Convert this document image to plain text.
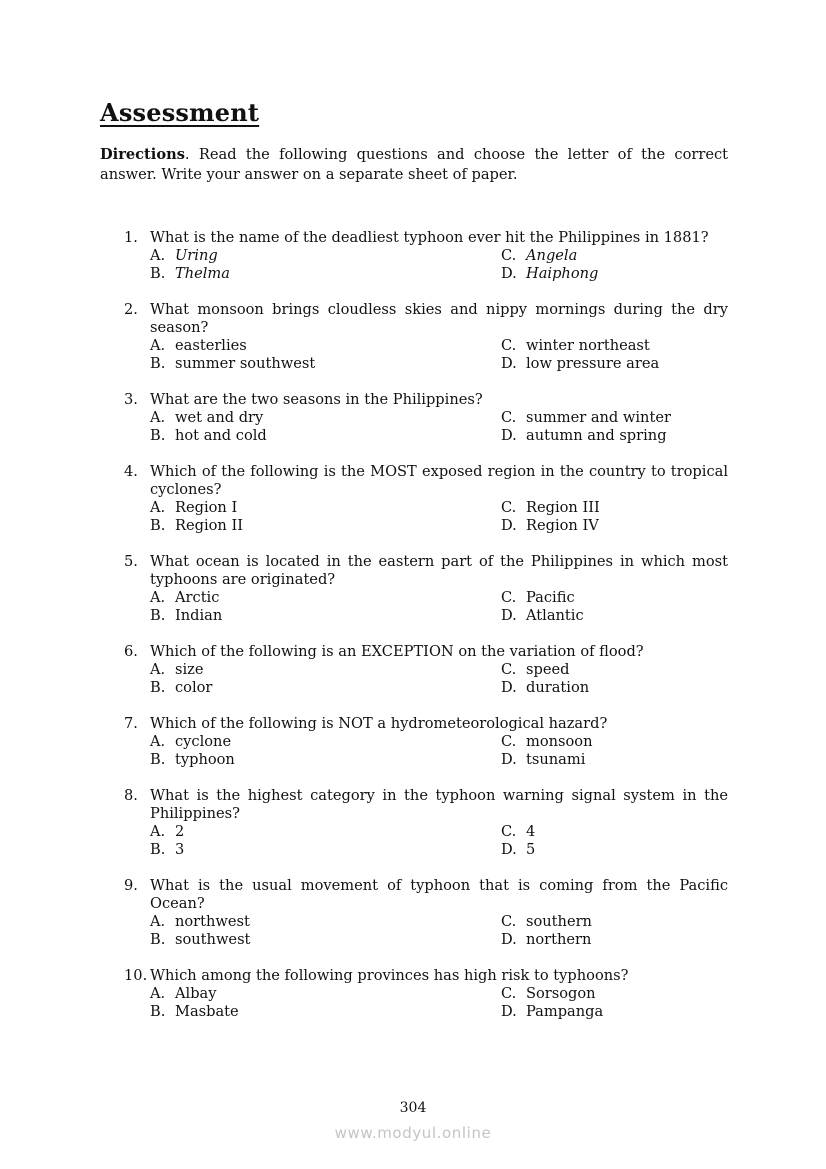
Assessment
Directions. Read the following questions and choose the letter of the correct answer. Write your answer on a separate sheet of paper.
1. What is the name of the deadliest typhoon ever hit the Philippines in 1881?
A. Uring	C. Angela
B. Thelma	D. Haiphong
2. What monsoon brings cloudless skies and nippy mornings during the dry season?
A. easterlies	C. winter northeast
B. summer southwest	D. low pressure area
3. What are the two seasons in the Philippines?
A. wet and dry	C. summer and winter
B. hot and cold	D. autumn and spring
4. Which of the following is the MOST exposed region in the country to tropical cyclones?
A. Region I	C. Region III
B. Region II	D. Region IV
5. What ocean is located in the eastern part of the Philippines in which most typhoons are originated?
A. Arctic	C. Pacific
B. Indian	D. Atlantic
6. Which of the following is an EXCEPTION on the variation of flood?
A. size	C. speed
B. color	D. duration
7. Which of the following is NOT a hydrometeorological hazard?
A. cyclone	C. monsoon
B. typhoon	D. tsunami
8. What is the highest category in the typhoon warning signal system in the Philippines?
A. 2	C. 4
B. 3	D. 5
9. What is the usual movement of typhoon that is coming from the Pacific Ocean?
A. northwest	C. southern
B. southwest	D. northern
10. Which among the following provinces has high risk to typhoons?
A. Albay	C. Sorsogon
B. Masbate	D. Pampanga
304
www.modyul.online
